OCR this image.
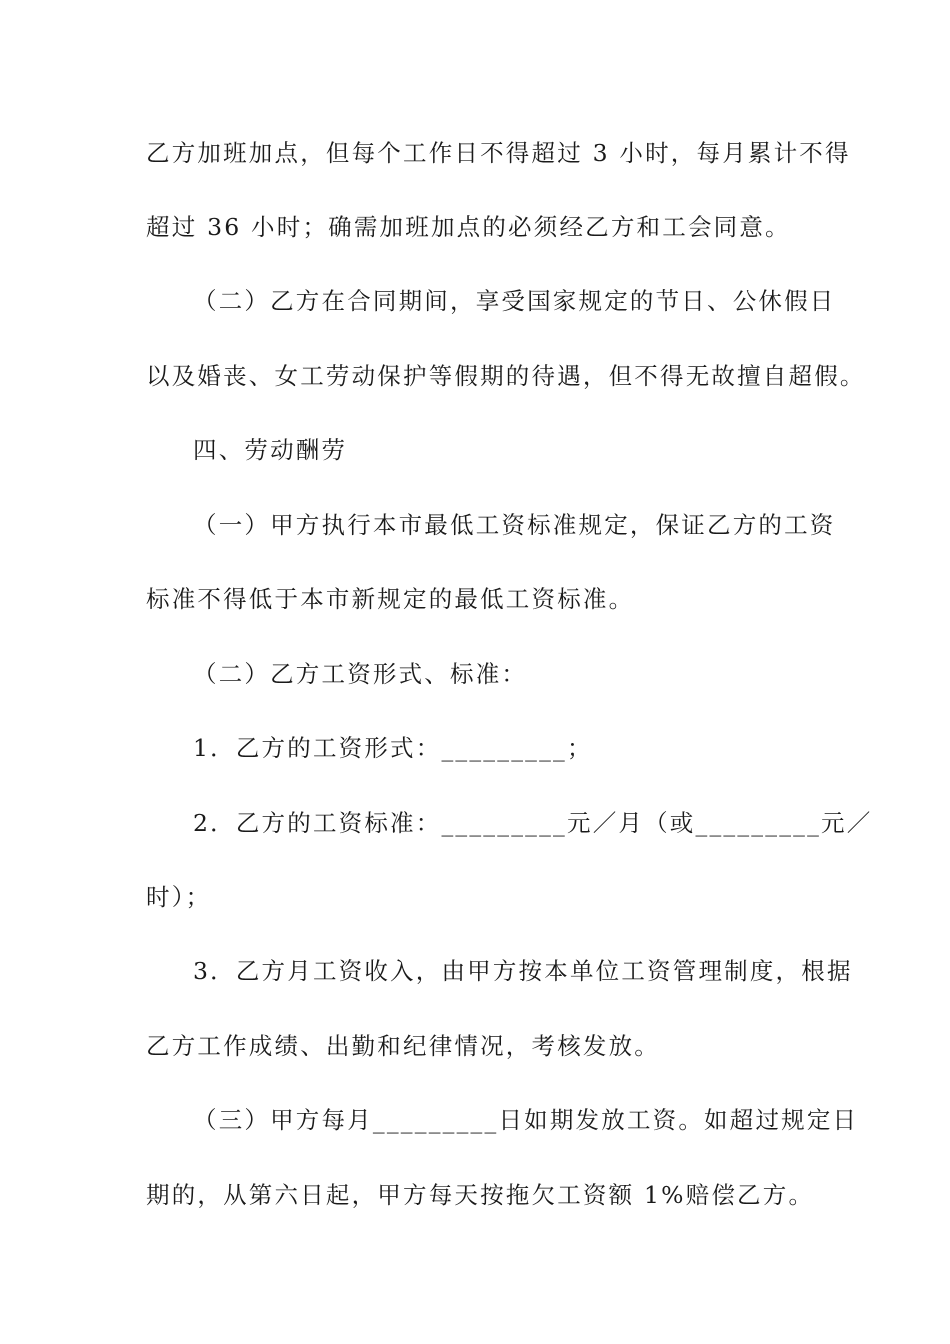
乙方加班加点，但每个工作日不得超过 3 小时，每月累计不得
超过 36 小时；确需加班加点的必须经乙方和工会同意。
（二）乙方在合同期间，享受国家规定的节日、公休假日
以及婚丧、女工劳动保护等假期的待遇，但不得无故擅自超假。
四、劳动酬劳
（一）甲方执行本市最低工资标准规定，保证乙方的工资
标准不得低于本市新规定的最低工资标准。
（二）乙方工资形式、标准：
1．乙方的工资形式：_________；
2．乙方的工资标准：_________元／月（或_________元／
时）；
3．乙方月工资收入，由甲方按本单位工资管理制度，根据
乙方工作成绩、出勤和纪律情况，考核发放。
（三）甲方每月_________日如期发放工资。如超过规定日
期的，从第六日起，甲方每天按拖欠工资额 1%赔偿乙方。
